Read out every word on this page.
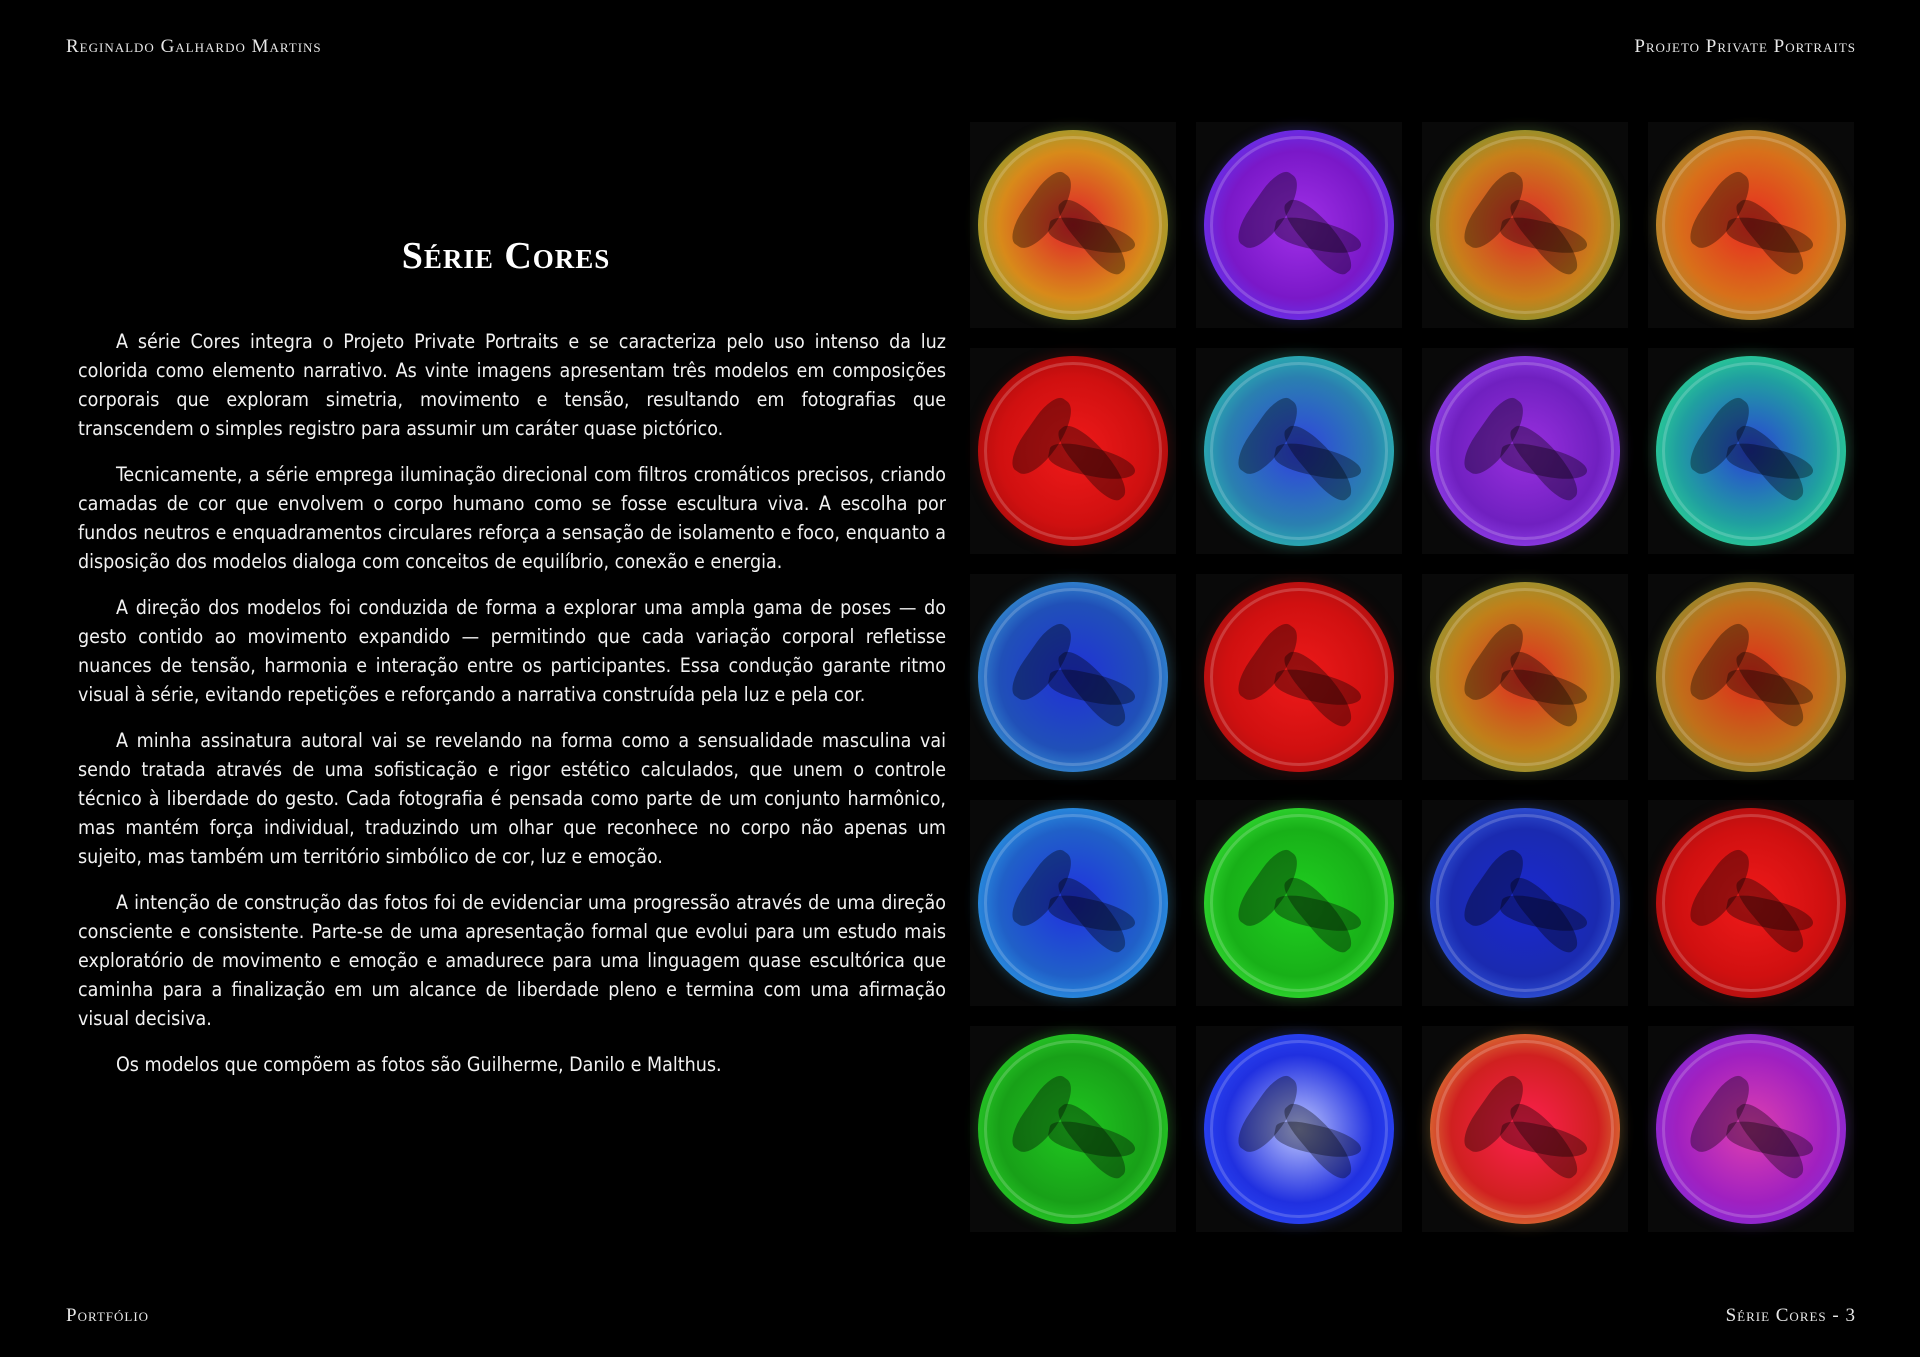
Reginaldo Galhardo Martins	Projeto Private Portraits
Série Cores

A série Cores integra o Projeto Private Portraits e se caracteriza pelo uso intenso da luz colorida como elemento narrativo. As vinte imagens apresentam três modelos em composições corporais que exploram simetria, movimento e tensão, resultando em fotografias que transcendem o simples registro para assumir um caráter quase pictórico.

Tecnicamente, a série emprega iluminação direcional com filtros cromáticos precisos, criando camadas de cor que envolvem o corpo humano como se fosse escultura viva. A escolha por fundos neutros e enquadramentos circulares reforça a sensação de isolamento e foco, enquanto a disposição dos modelos dialoga com conceitos de equilíbrio, conexão e energia.

A direção dos modelos foi conduzida de forma a explorar uma ampla gama de poses — do gesto contido ao movimento expandido — permitindo que cada variação corporal refletisse nuances de tensão, harmonia e interação entre os participantes. Essa condução garante ritmo visual à série, evitando repetições e reforçando a narrativa construída pela luz e pela cor.

A minha assinatura autoral vai se revelando na forma como a sensualidade masculina vai sendo tratada através de uma sofisticação e rigor estético calculados, que unem o controle técnico à liberdade do gesto. Cada fotografia é pensada como parte de um conjunto harmônico, mas mantém força individual, traduzindo um olhar que reconhece no corpo não apenas um sujeito, mas também um território simbólico de cor, luz e emoção.

A intenção de construção das fotos foi de evidenciar uma progressão através de uma direção consciente e consistente. Parte-se de uma apresentação formal que evolui para um estudo mais exploratório de movimento e emoção e amadurece para uma linguagem quase escultórica que caminha para a finalização em um alcance de liberdade pleno e termina com uma afirmação visual decisiva.

Os modelos que compõem as fotos são Guilherme, Danilo e Malthus.

Portfólio	Série Cores - 3
